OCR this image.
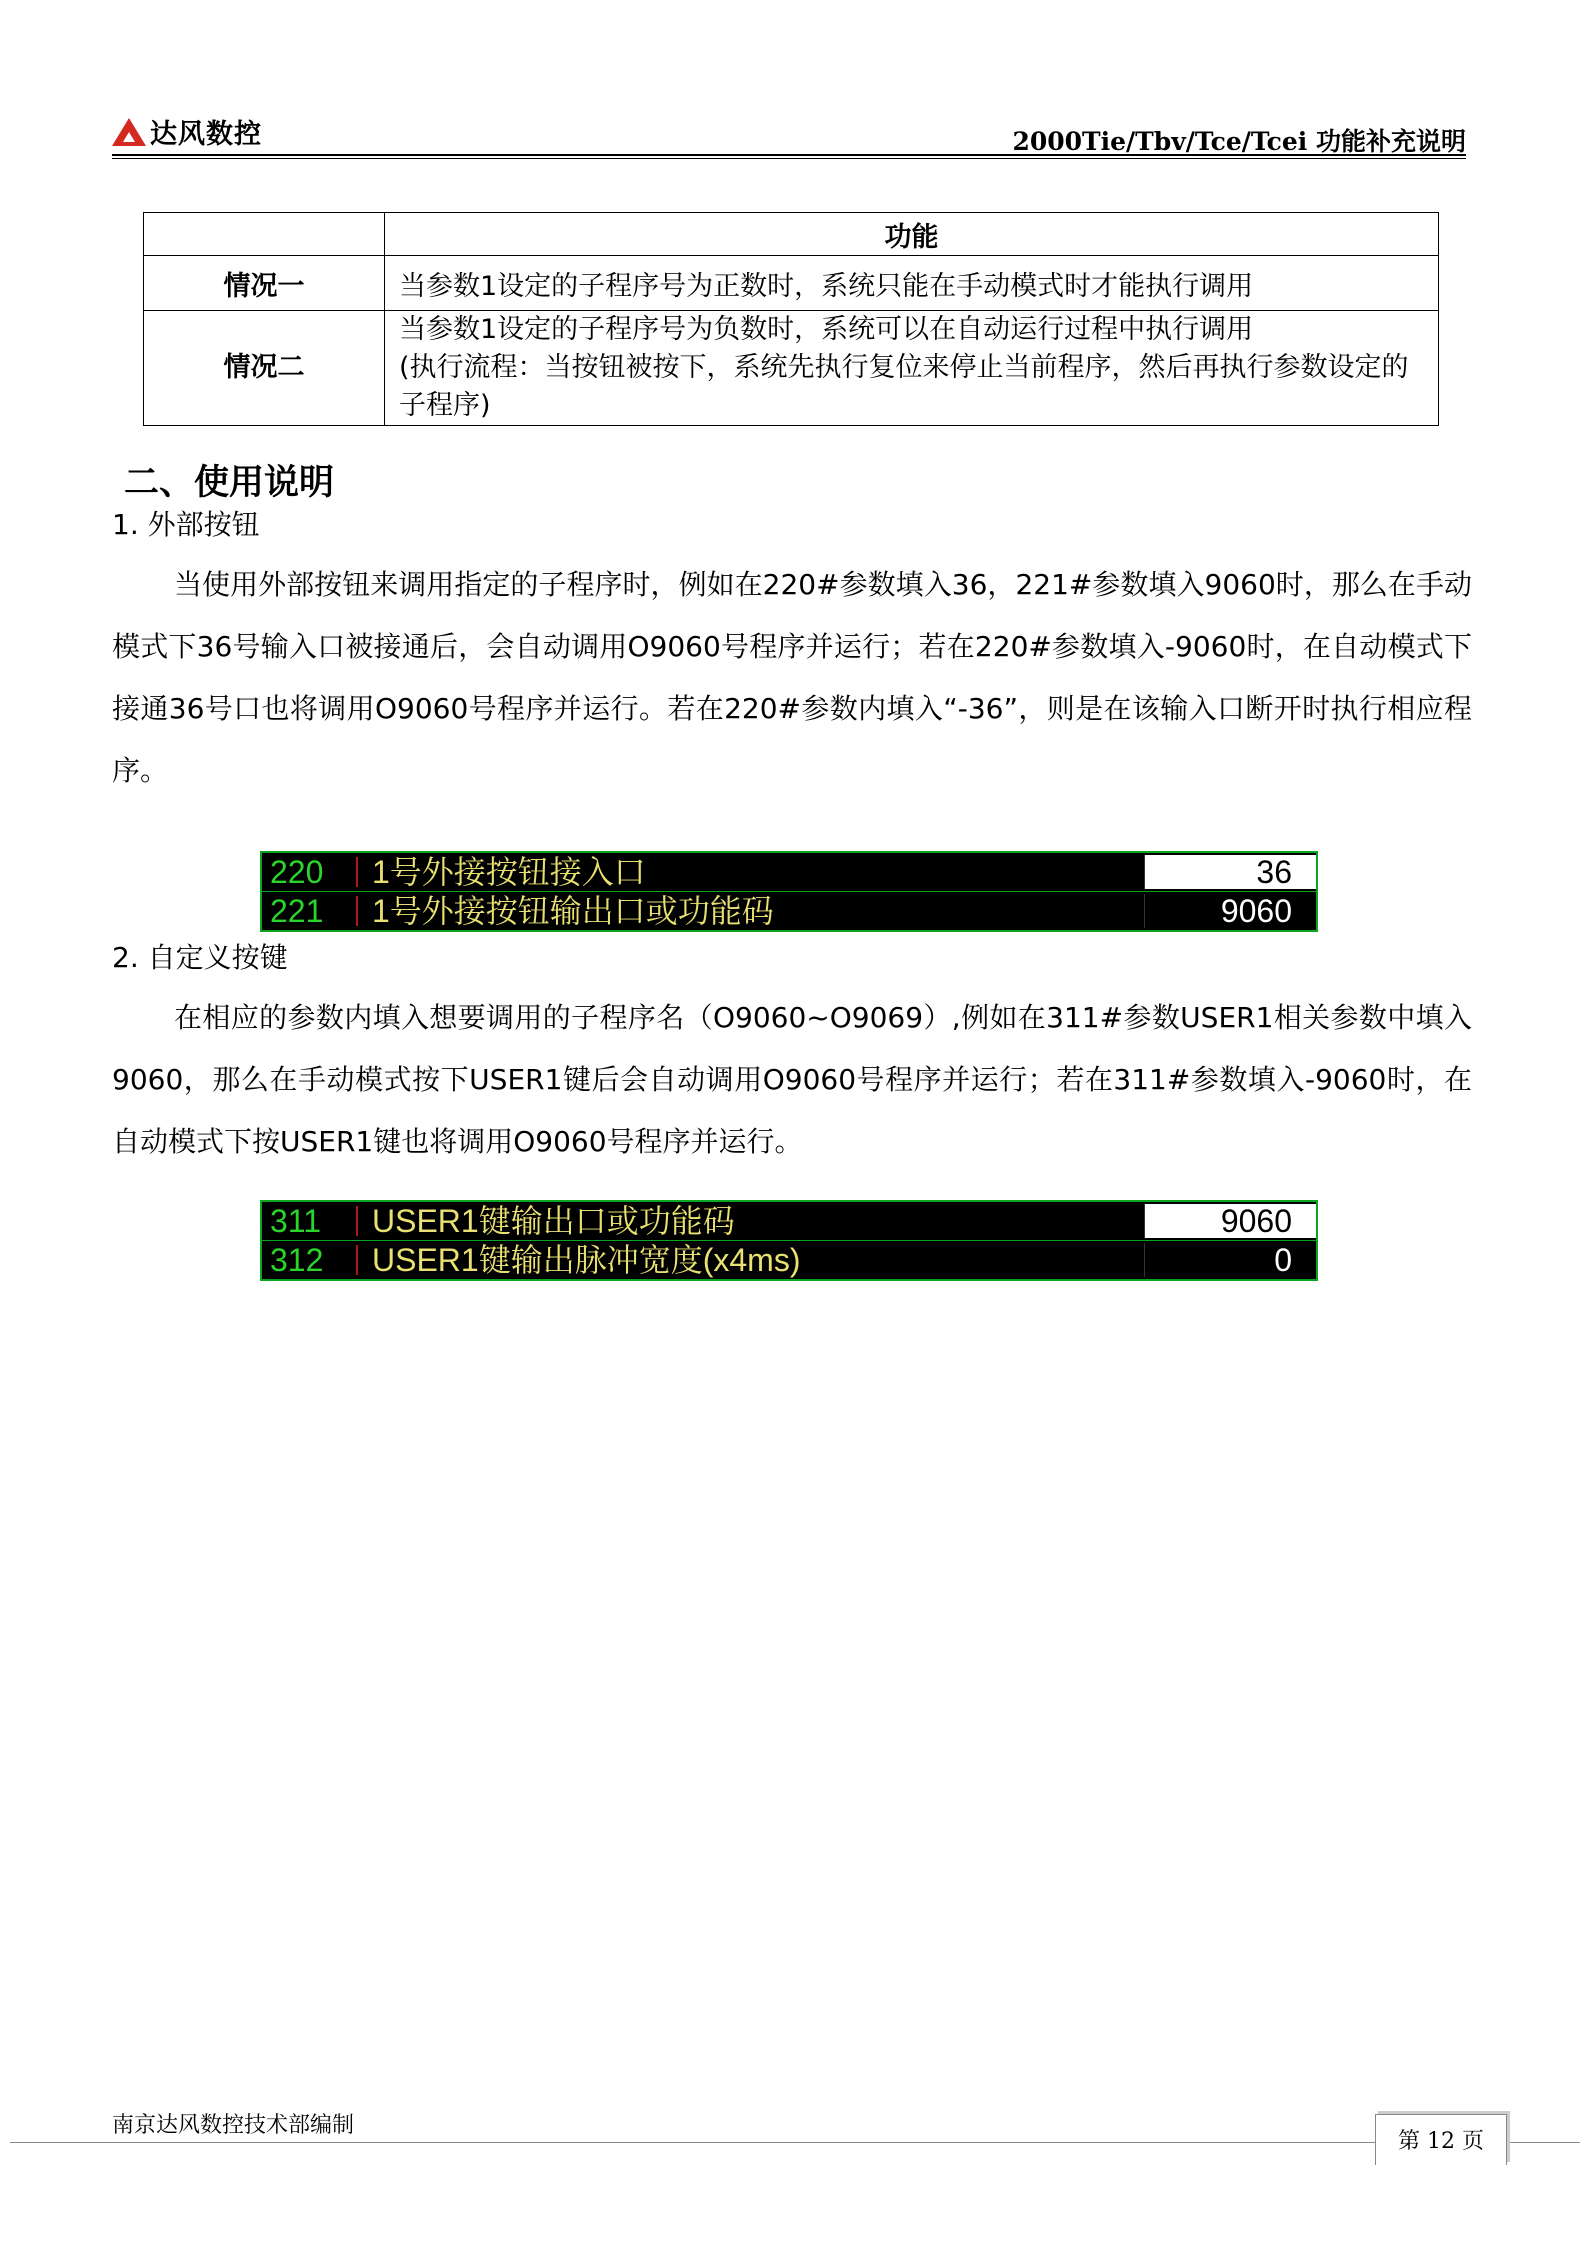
达风数控	2000Tie/Tbv/Tce/Tcei 功能补充说明
	功能
情况一	当参数1设定的子程序号为正数时，系统只能在手动模式时才能执行调用
情况二	当参数1设定的子程序号为负数时，系统可以在自动运行过程中执行调用
(执行流程：当按钮被按下，系统先执行复位来停止当前程序，然后再执行参数设定的子程序)
二、使用说明
1. 外部按钮
当使用外部按钮来调用指定的子程序时，例如在220#参数填入36，221#参数填入9060时，那么在手动模式下36号输入口被接通后，会自动调用O9060号程序并运行；若在220#参数填入-9060时，在自动模式下接通36号口也将调用O9060号程序并运行。若在220#参数内填入“-36”，则是在该输入口断开时执行相应程序。
220 1号外接按钮接入口	36
221 1号外接按钮输出口或功能码	9060
2. 自定义按键
在相应的参数内填入想要调用的子程序名（O9060~O9069）,例如在311#参数USER1相关参数中填入9060，那么在手动模式按下USER1键后会自动调用O9060号程序并运行；若在311#参数填入-9060时，在自动模式下按USER1键也将调用O9060号程序并运行。
311 USER1键输出口或功能码	9060
312 USER1键输出脉冲宽度(x4ms)	0
南京达风数控技术部编制
第 12 页
